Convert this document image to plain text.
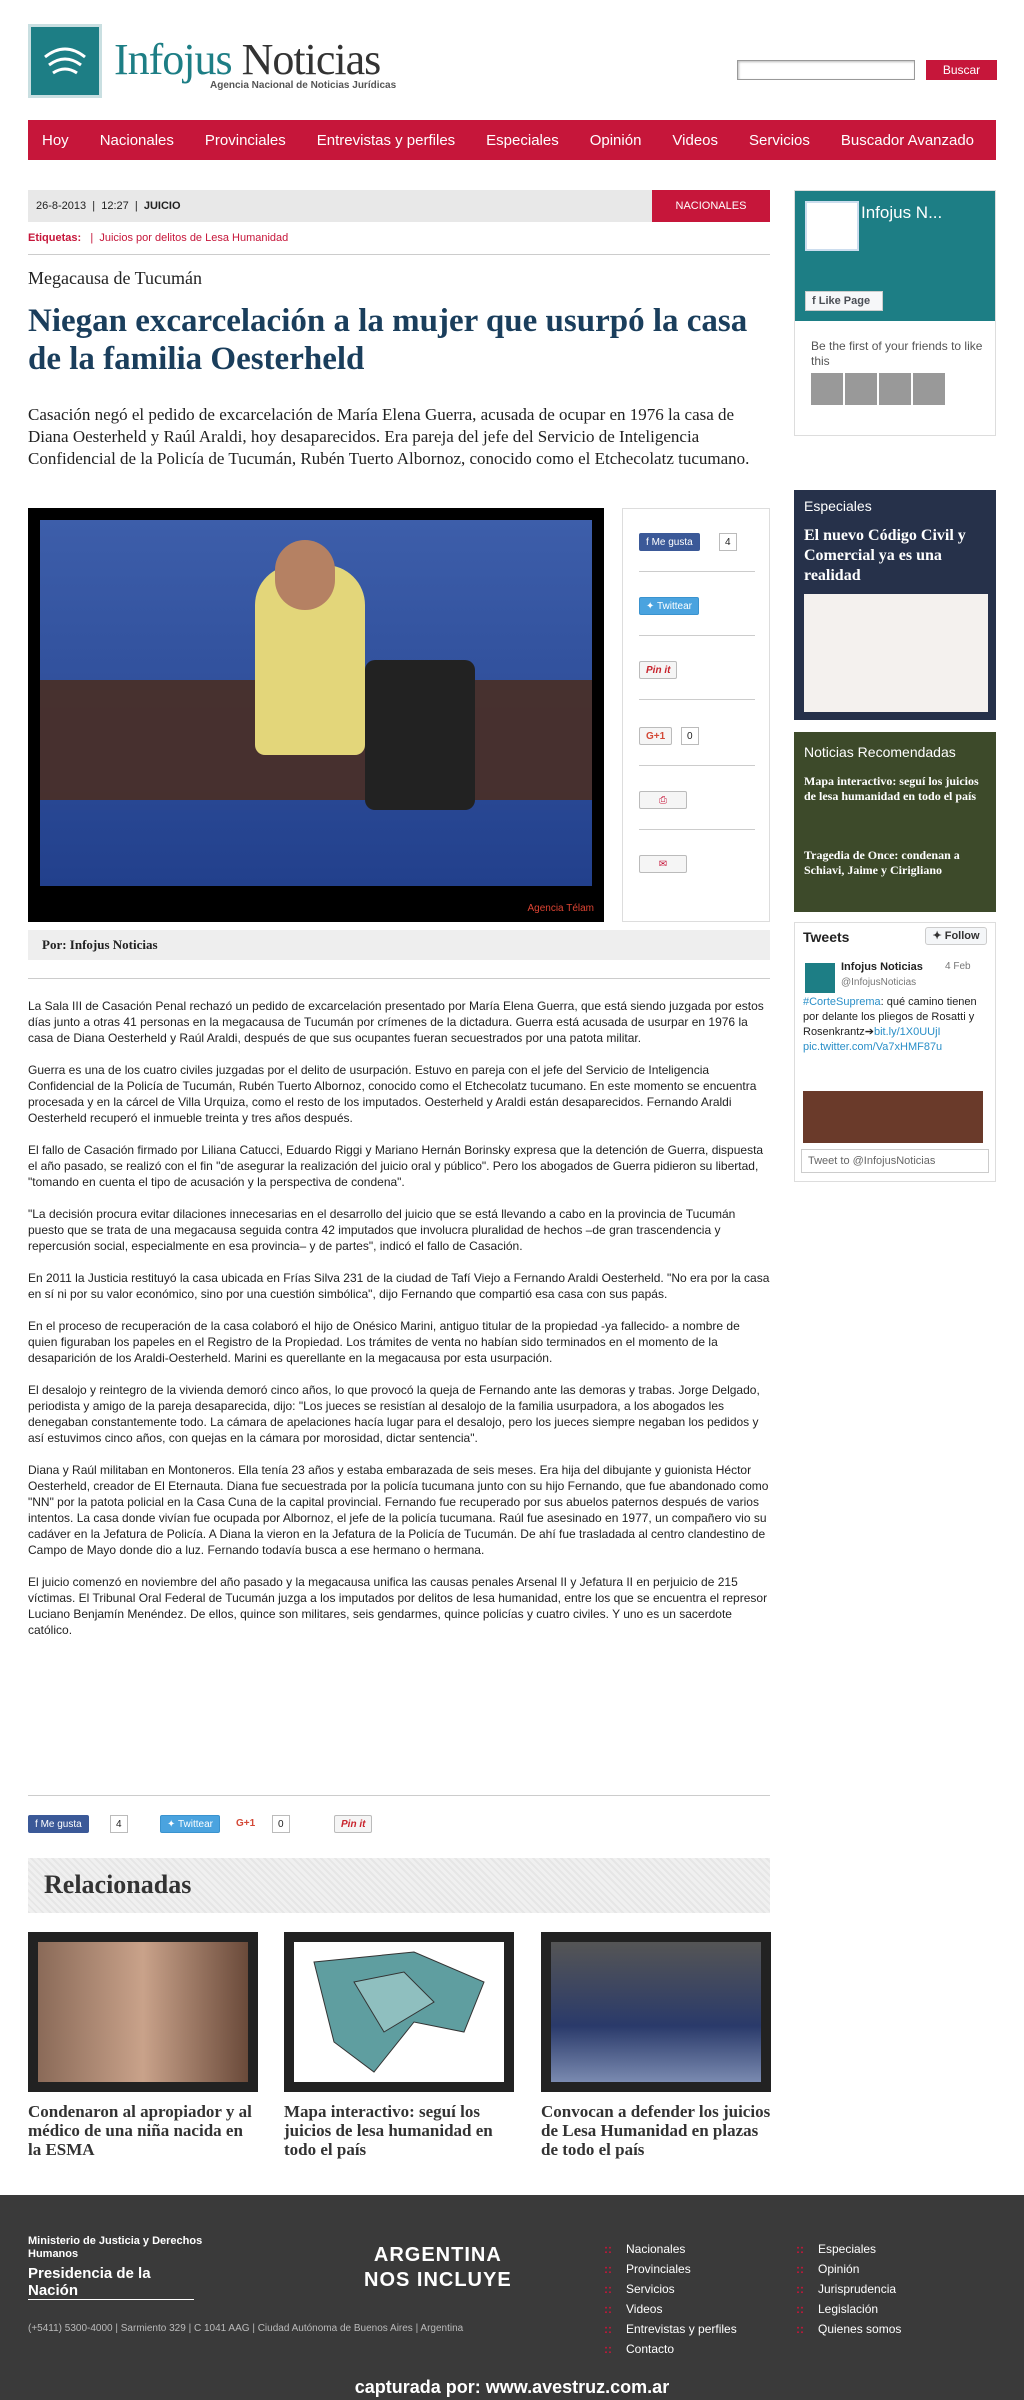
Infojus Noticias
Agencia Nacional de Noticias Jurídicas
Buscar
Hoy Nacionales Provinciales Entrevistas y perfiles Especiales Opinión Videos Servicios Buscador Avanzado
26-8-2013  |  12:27  |  JUICIO	NACIONALES
Etiquetas:   |  Juicios por delitos de Lesa Humanidad
Megacausa de Tucumán
Niegan excarcelación a la mujer que usurpó la casa de la familia Oesterheld

Casación negó el pedido de excarcelación de María Elena Guerra, acusada de ocupar en 1976 la casa de Diana Oesterheld y Raúl Araldi, hoy desaparecidos. Era pareja del jefe del Servicio de Inteligencia Confidencial de la Policía de Tucumán, Rubén Tuerto Albornoz, conocido como el Etchecolatz tucumano.

Agencia Télam
f Me gusta	4
✦ Twittear
Pin it
G+1	0
⎙
✉
Por: Infojus Noticias

La Sala III de Casación Penal rechazó un pedido de excarcelación presentado por María Elena Guerra, que está siendo juzgada por estos días junto a otras 41 personas en la megacausa de Tucumán por crímenes de la dictadura. Guerra está acusada de usurpar en 1976 la casa de Diana Oesterheld y Raúl Araldi, después de que sus ocupantes fueran secuestrados por una patota militar.

Guerra es una de los cuatro civiles juzgadas por el delito de usurpación. Estuvo en pareja con el jefe del Servicio de Inteligencia Confidencial de la Policía de Tucumán, Rubén Tuerto Albornoz, conocido como el Etchecolatz tucumano. En este momento se encuentra procesada y en la cárcel de Villa Urquiza, como el resto de los imputados. Oesterheld y Araldi están desaparecidos. Fernando Araldi Oesterheld recuperó el inmueble treinta y tres años después.

El fallo de Casación firmado por Liliana Catucci, Eduardo Riggi y Mariano Hernán Borinsky expresa que la detención de Guerra, dispuesta el año pasado, se realizó con el fin "de asegurar la realización del juicio oral y público". Pero los abogados de Guerra pidieron su libertad, "tomando en cuenta el tipo de acusación y la perspectiva de condena".

"La decisión procura evitar dilaciones innecesarias en el desarrollo del juicio que se está llevando a cabo en la provincia de Tucumán puesto que se trata de una megacausa seguida contra 42 imputados que involucra pluralidad de hechos –de gran trascendencia y repercusión social, especialmente en esa provincia– y de partes", indicó el fallo de Casación.

En 2011 la Justicia restituyó la casa ubicada en Frías Silva 231 de la ciudad de Tafí Viejo a Fernando Araldi Oesterheld. "No era por la casa en sí ni por su valor económico, sino por una cuestión simbólica", dijo Fernando que compartió esa casa con sus papás.

En el proceso de recuperación de la casa colaboró el hijo de Onésico Marini, antiguo titular de la propiedad -ya fallecido- a nombre de quien figuraban los papeles en el Registro de la Propiedad. Los trámites de venta no habían sido terminados en el momento de la desaparición de los Araldi-Oesterheld. Marini es querellante en la megacausa por esta usurpación.

El desalojo y reintegro de la vivienda demoró cinco años, lo que provocó la queja de Fernando ante las demoras y trabas. Jorge Delgado, periodista y amigo de la pareja desaparecida, dijo: "Los jueces se resistían al desalojo de la familia usurpadora, a los abogados les denegaban constantemente todo. La cámara de apelaciones hacía lugar para el desalojo, pero los jueces siempre negaban los pedidos y así estuvimos cinco años, con quejas en la cámara por morosidad, dictar sentencia".

Diana y Raúl militaban en Montoneros. Ella tenía 23 años y estaba embarazada de seis meses. Era hija del dibujante y guionista Héctor Oesterheld, creador de El Eternauta. Diana fue secuestrada por la policía tucumana junto con su hijo Fernando, que fue abandonado como "NN" por la patota policial en la Casa Cuna de la capital provincial. Fernando fue recuperado por sus abuelos paternos después de varios intentos. La casa donde vivían fue ocupada por Albornoz, el jefe de la policía tucumana. Raúl fue asesinado en 1977, un compañero vio su cadáver en la Jefatura de Policía. A Diana la vieron en la Jefatura de la Policía de Tucumán. De ahí fue trasladada al centro clandestino de Campo de Mayo donde dio a luz. Fernando todavía busca a ese hermano o hermana.

El juicio comenzó en noviembre del año pasado y la megacausa unifica las causas penales Arsenal II y Jefatura II en perjuicio de 215 víctimas. El Tribunal Oral Federal de Tucumán juzga a los imputados por delitos de lesa humanidad, entre los que se encuentra el represor Luciano Benjamín Menéndez. De ellos, quince son militares, seis gendarmes, quince policías y cuatro civiles. Y uno es un sacerdote católico.

f Me gusta	4	✦ Twittear	G+1	0	Pin it
Relacionadas
Condenaron al apropiador y al médico de una niña nacida en la ESMA
Mapa interactivo: seguí los juicios de lesa humanidad en todo el país
Convocan a defender los juicios de Lesa Humanidad en plazas de todo el país
Infojus N...
f Like Page
Be the first of your friends to like this
Especiales
El nuevo Código Civil y Comercial ya es una realidad
Noticias Recomendadas
Mapa interactivo: seguí los juicios de lesa humanidad en todo el país
Tragedia de Once: condenan a Schiavi, Jaime y Cirigliano
Tweets	✦ Follow
Infojus Noticias 4 Feb
@InfojusNoticias
#CorteSuprema: qué camino tienen por delante los pliegos de Rosatti y Rosenkrantz➔bit.ly/1X0UUjI pic.twitter.com/Va7xHMF87u
Tweet to @InfojusNoticias
Ministerio de Justicia y Derechos Humanos
Presidencia de la Nación
ARGENTINA
NOS INCLUYE
(+5411) 5300-4000 | Sarmiento 329 | C 1041 AAG | Ciudad Autónoma de Buenos Aires | Argentina
:: Nacionales
:: Provinciales
:: Servicios
:: Videos
:: Entrevistas y perfiles
:: Contacto
:: Especiales
:: Opinión
:: Jurisprudencia
:: Legislación
:: Quienes somos
capturada por: www.avestruz.com.ar
